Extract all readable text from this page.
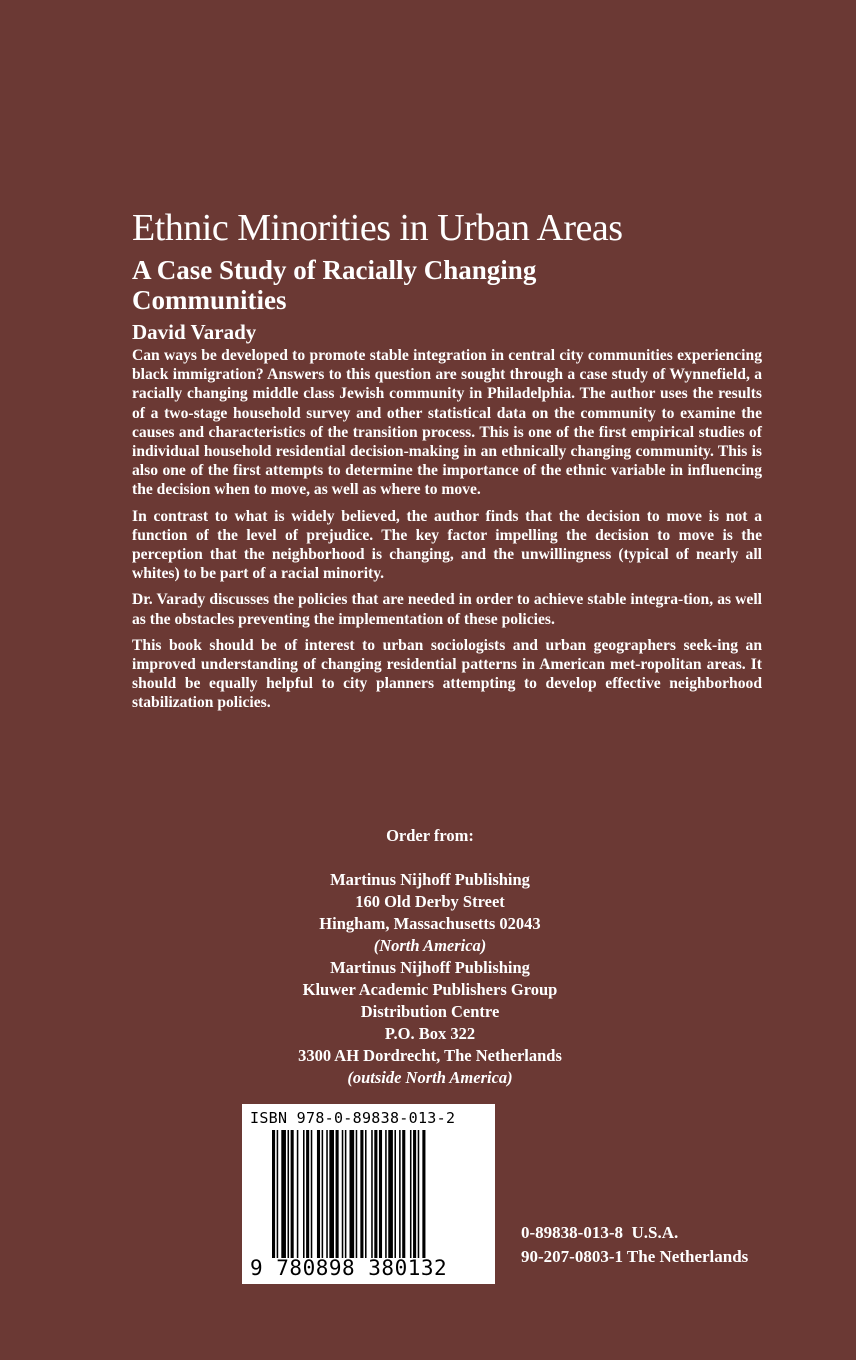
Ethnic Minorities in Urban Areas
A Case Study of Racially Changing Communities
David Varady

Can ways be developed to promote stable integration in central city communities experiencing black immigration? Answers to this question are sought through a case study of Wynnefield, a racially changing middle class Jewish community in Philadelphia. The author uses the results of a two-stage household survey and other statistical data on the community to examine the causes and characteristics of the transition process. This is one of the first empirical studies of individual household residential decision-making in an ethnically changing community. This is also one of the first attempts to determine the importance of the ethnic variable in influencing the decision when to move, as well as where to move.

In contrast to what is widely believed, the author finds that the decision to move is not a function of the level of prejudice. The key factor impelling the decision to move is the perception that the neighborhood is changing, and the unwillingness (typical of nearly all whites) to be part of a racial minority.

Dr. Varady discusses the policies that are needed in order to achieve stable integra-tion, as well as the obstacles preventing the implementation of these policies.

This book should be of interest to urban sociologists and urban geographers seek-ing an improved understanding of changing residential patterns in American met-ropolitan areas. It should be equally helpful to city planners attempting to develop effective neighborhood stabilization policies.

Order from:
Martinus Nijhoff Publishing
160 Old Derby Street
Hingham, Massachusetts 02043
(North America)
Martinus Nijhoff Publishing
Kluwer Academic Publishers Group
Distribution Centre
P.O. Box 322
3300 AH Dordrecht, The Netherlands
(outside North America)
ISBN 978-0-89838-013-2
9 780898 380132
0-89838-013-8  U.S.A.
90-207-0803-1 The Netherlands
